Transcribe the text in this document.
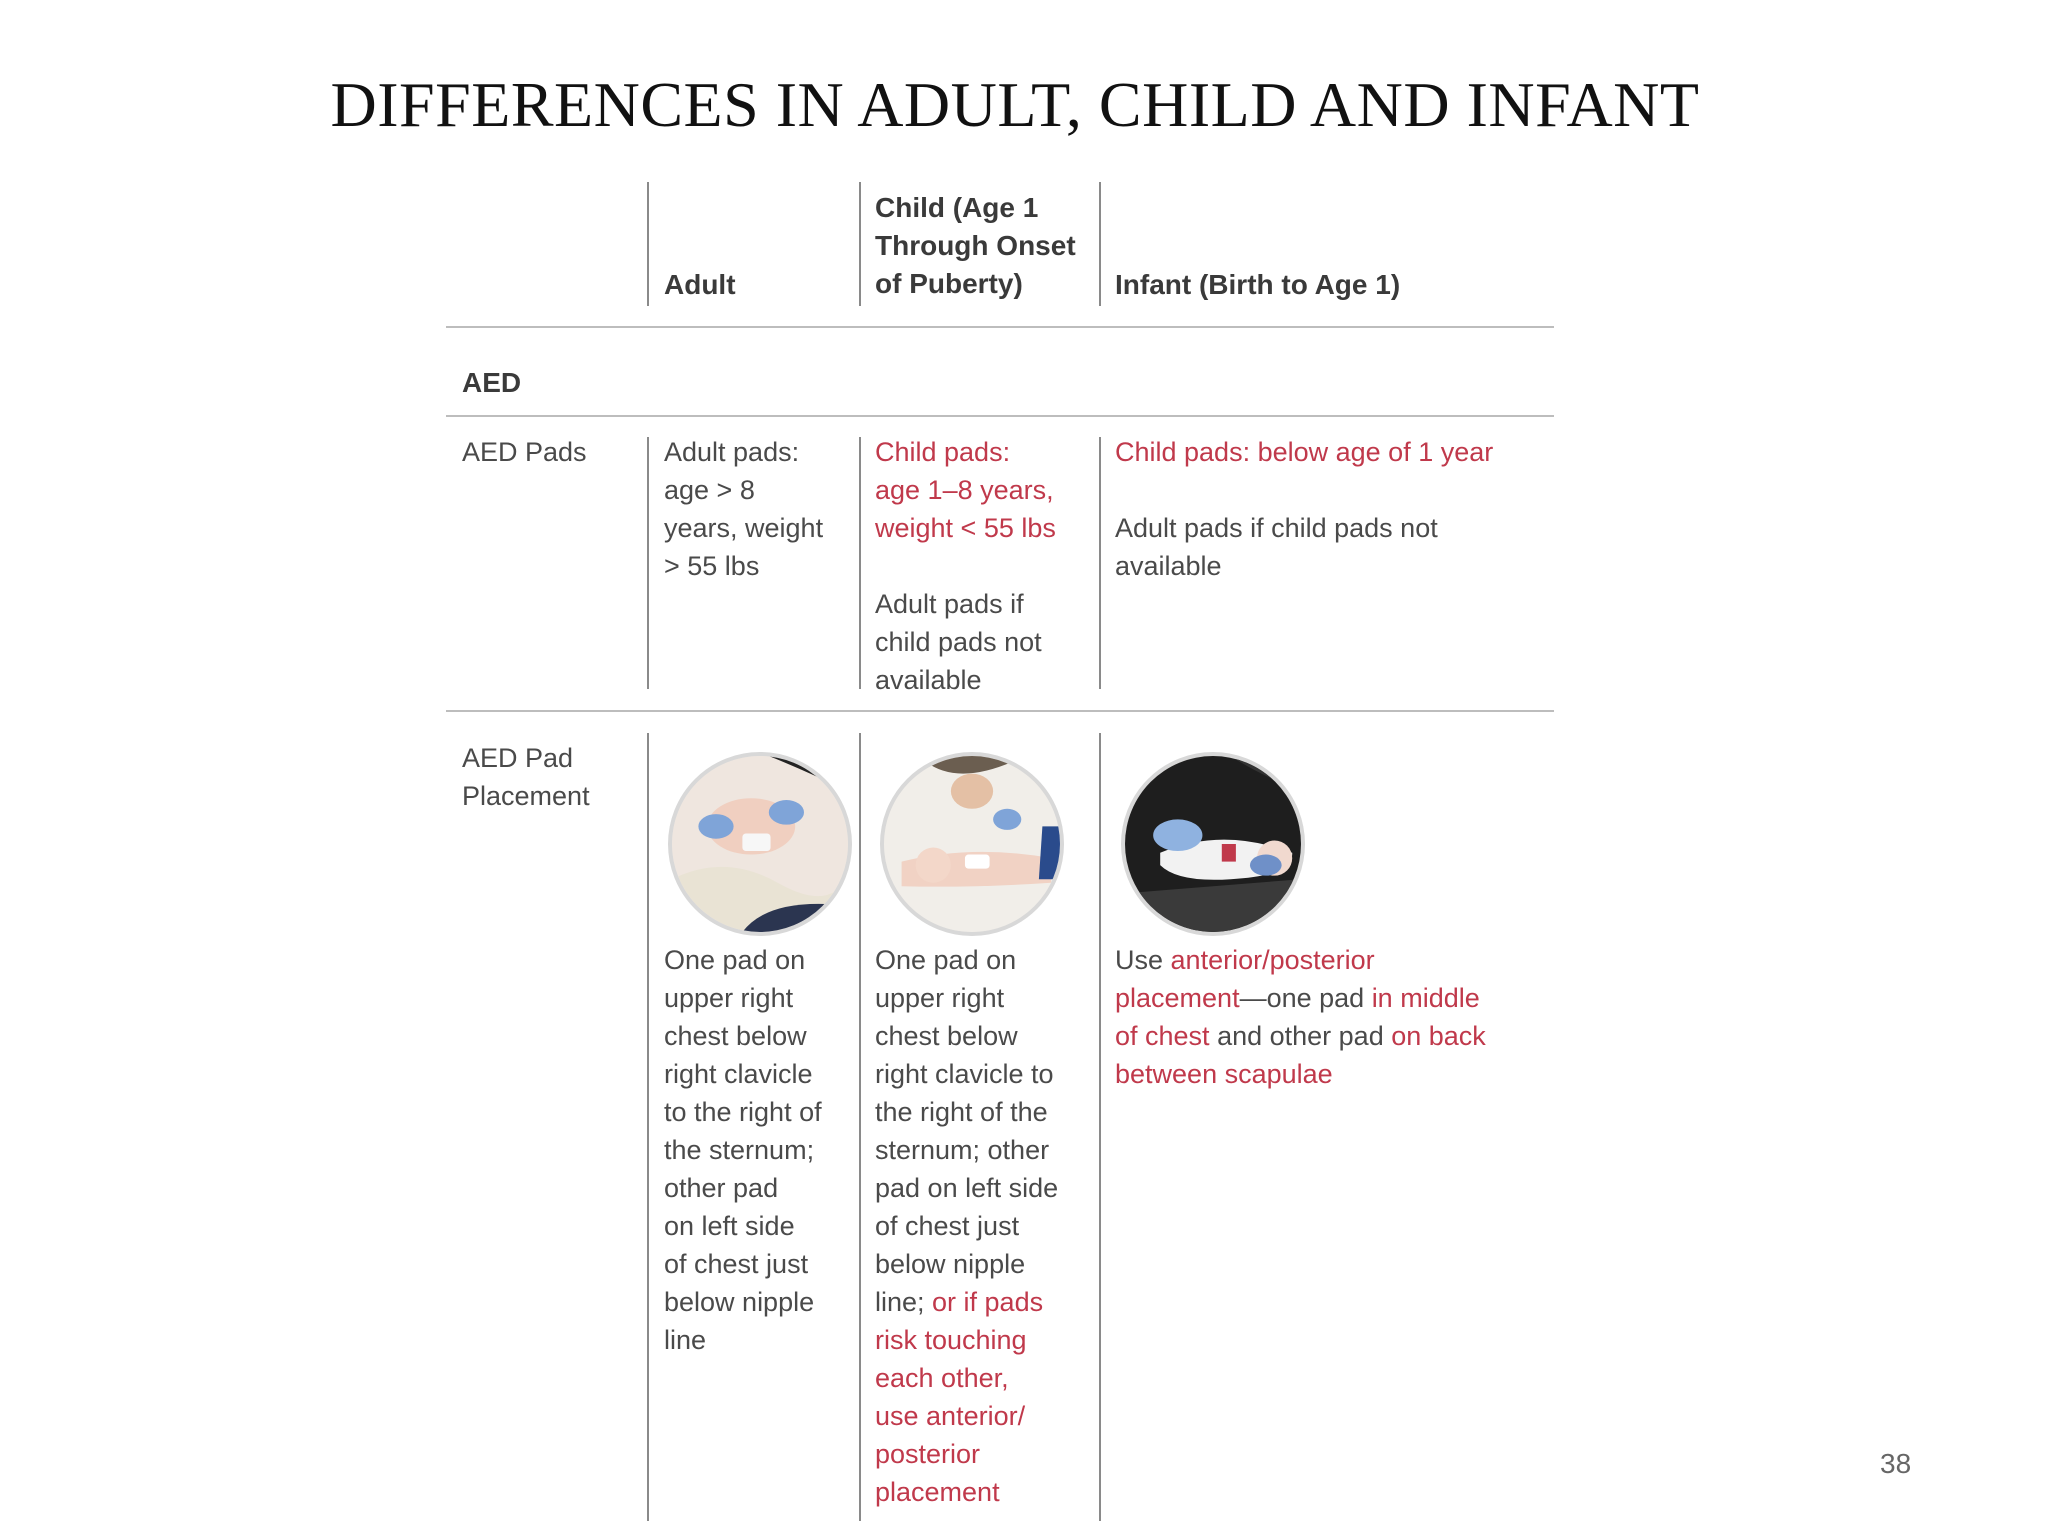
DIFFERENCES IN ADULT, CHILD AND INFANT
Adult
Child (Age 1
Through Onset
of Puberty)	Infant (Birth to Age 1)
AED
AED Pads	Adult pads:
age > 8
years, weight
> 55 lbs
Child pads:
age 1–8 years,
weight < 55 lbs

Adult pads if
child pads not
available
Child pads: below age of 1 year

Adult pads if child pads not
available
AED Pad
Placement
One pad on
upper right
chest below
right clavicle
to the right of
the sternum;
other pad
on left side
of chest just
below nipple
line
One pad on
upper right
chest below
right clavicle to
the right of the
sternum; other
pad on left side
of chest just
below nipple
line; or if pads
risk touching
each other,
use anterior/
posterior
placement
Use anterior/posterior
placement—one pad in middle
of chest and other pad on back
between scapulae
38
